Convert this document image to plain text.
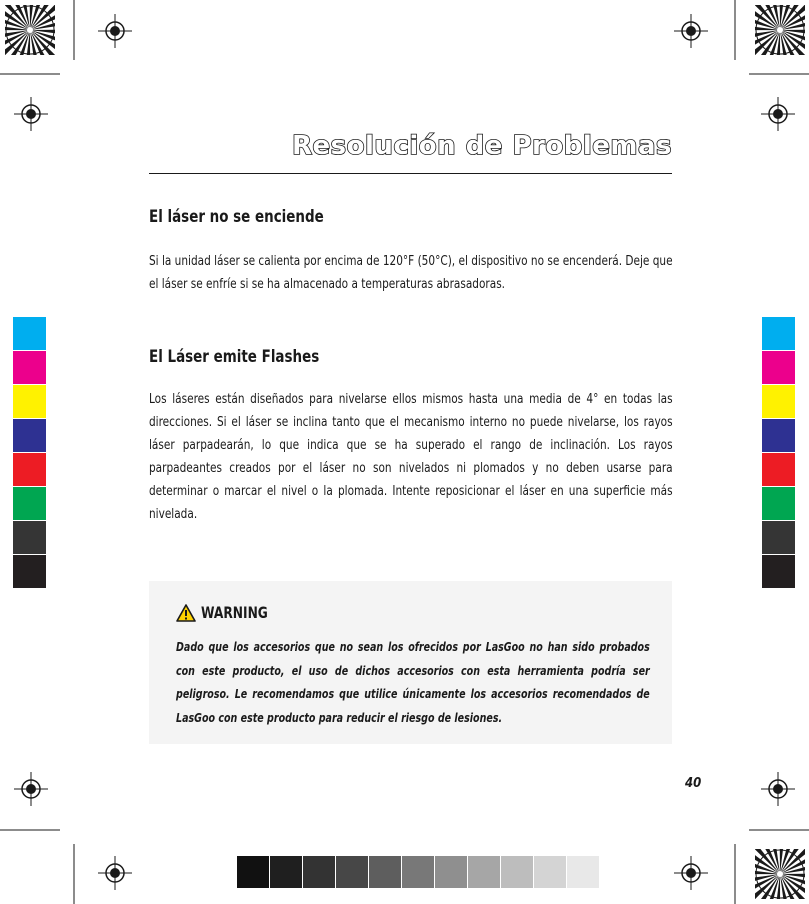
Resolución de Problemas
El láser no se enciende
Si la unidad láser se calienta por encima de 120°F (50°C), el dispositivo no se encenderá. Deje que el láser se enfríe si se ha almacenado a temperaturas abrasadoras.
El Láser emite Flashes
Los láseres están diseñados para nivelarse ellos mismos hasta una media de 4° en todas las direcciones. Si el láser se inclina tanto que el mecanismo interno no puede nivelarse, los rayos láser parpadearán, lo que indica que se ha superado el rango de inclinación. Los rayos parpadeantes creados por el láser no son nivelados ni plomados y no deben usarse para determinar o marcar el nivel o la plomada. Intente reposicionar el láser en una superficie más nivelada.
WARNING
Dado que los accesorios que no sean los ofrecidos por LasGoo no han sido probados con este producto, el uso de dichos accesorios con esta herramienta podría ser peligroso. Le recomendamos que utilice únicamente los accesorios recomendados de LasGoo con este producto para reducir el riesgo de lesiones.
40
